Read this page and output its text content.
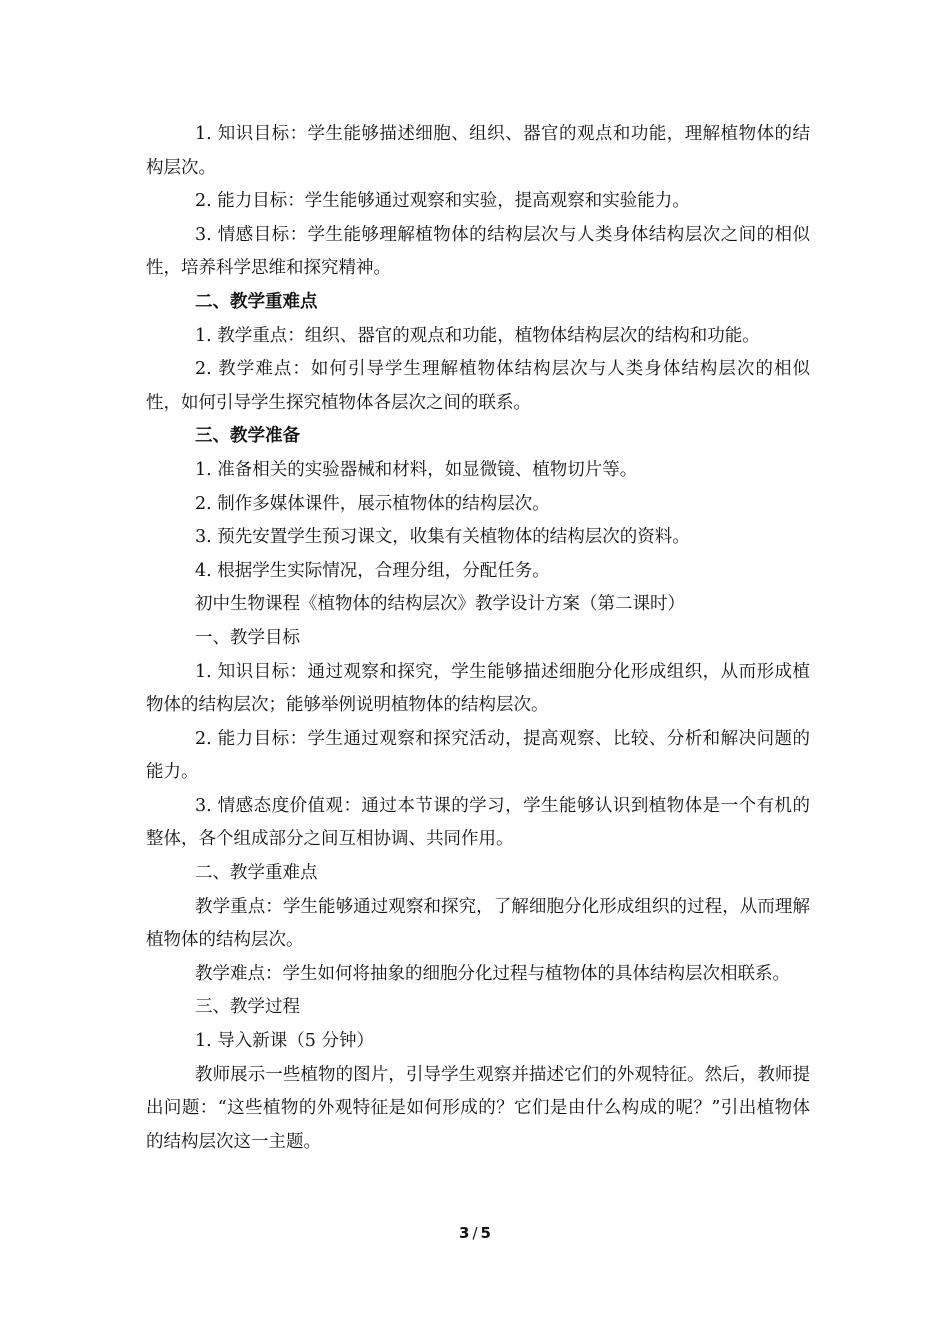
1. 知识目标：学生能够描述细胞、组织、器官的观点和功能，理解植物体的结构层次。

2. 能力目标：学生能够通过观察和实验，提高观察和实验能力。

3. 情感目标：学生能够理解植物体的结构层次与人类身体结构层次之间的相似性，培养科学思维和探究精神。

二、教学重难点

1. 教学重点：组织、器官的观点和功能，植物体结构层次的结构和功能。

2. 教学难点：如何引导学生理解植物体结构层次与人类身体结构层次的相似性，如何引导学生探究植物体各层次之间的联系。

三、教学准备

1. 准备相关的实验器械和材料，如显微镜、植物切片等。

2. 制作多媒体课件，展示植物体的结构层次。

3. 预先安置学生预习课文，收集有关植物体的结构层次的资料。

4. 根据学生实际情况，合理分组，分配任务。

初中生物课程《植物体的结构层次》教学设计方案（第二课时）

一、教学目标

1. 知识目标：通过观察和探究，学生能够描述细胞分化形成组织，从而形成植物体的结构层次；能够举例说明植物体的结构层次。

2. 能力目标：学生通过观察和探究活动，提高观察、比较、分析和解决问题的能力。

3. 情感态度价值观：通过本节课的学习，学生能够认识到植物体是一个有机的整体，各个组成部分之间互相协调、共同作用。

二、教学重难点

教学重点：学生能够通过观察和探究，了解细胞分化形成组织的过程，从而理解植物体的结构层次。

教学难点：学生如何将抽象的细胞分化过程与植物体的具体结构层次相联系。

三、教学过程

1. 导入新课（5 分钟）

教师展示一些植物的图片，引导学生观察并描述它们的外观特征。然后，教师提出问题：“这些植物的外观特征是如何形成的？它们是由什么构成的呢？”引出植物体的结构层次这一主题。

3 / 5
